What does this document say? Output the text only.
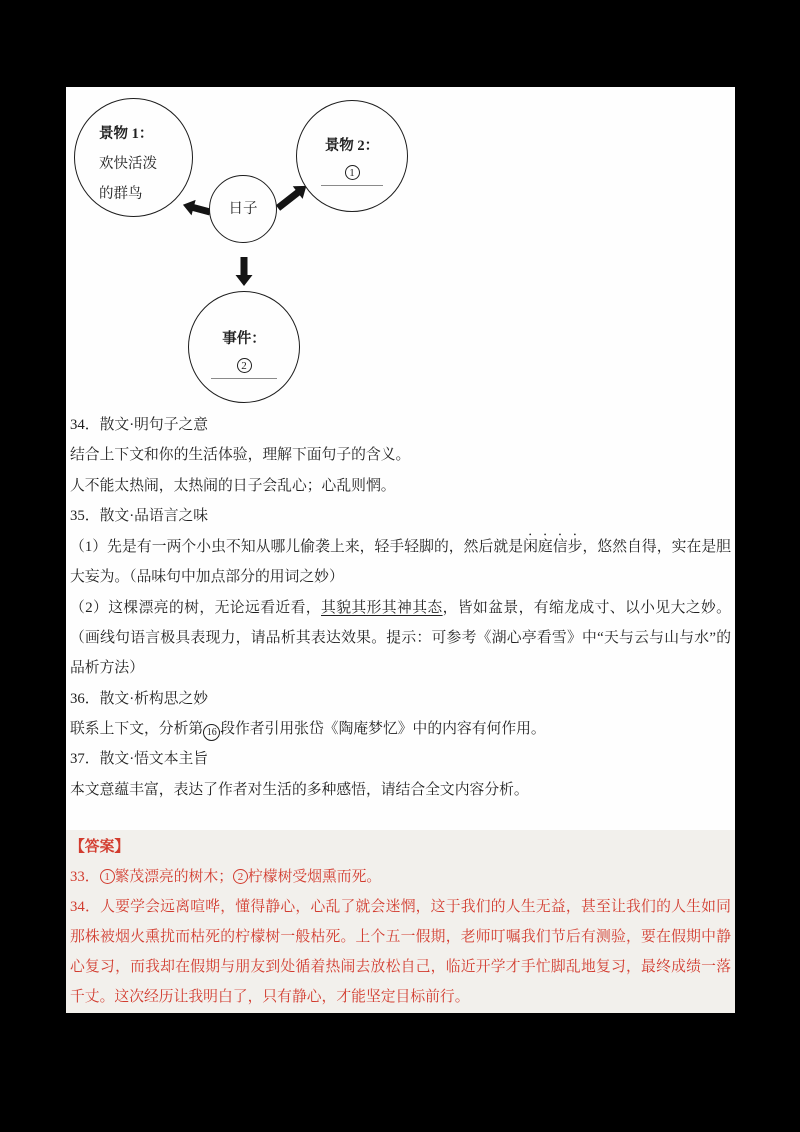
景物 1：
欢快活泼
的群鸟
景物 2：
1
日子
事件：
2

34．散文·明句子之意

结合上下文和你的生活体验，理解下面句子的含义。

人不能太热闹，太热闹的日子会乱心；心乱则惘。

35．散文·品语言之味

（1）先是有一两个小虫不知从哪儿偷袭上来，轻手轻脚的，然后就是闲庭信步，悠然自得，实在是胆大妄为。（品味句中加点部分的用词之妙）

（2）这棵漂亮的树，无论远看近看，其貌其形其神其态，皆如盆景，有缩龙成寸、以小见大之妙。（画线句语言极具表现力，请品析其表达效果。提示：可参考《湖心亭看雪》中“天与云与山与水”的品析方法）

36．散文·析构思之妙

联系上下文，分析第 16 段作者引用张岱《陶庵梦忆》中的内容有何作用。

37．散文·悟文本主旨

本文意蕴丰富，表达了作者对生活的多种感悟，请结合全文内容分析。

【答案】

33． 1 繁茂漂亮的树木； 2 柠檬树受烟熏而死。

34．人要学会远离喧哗，懂得静心，心乱了就会迷惘，这于我们的人生无益，甚至让我们的人生如同那株被烟火熏扰而枯死的柠檬树一般枯死。上个五一假期，老师叮嘱我们节后有测验，要在假期中静心复习，而我却在假期与朋友到处循着热闹去放松自己，临近开学才手忙脚乱地复习，最终成绩一落千丈。这次经历让我明白了，只有静心，才能坚定目标前行。
